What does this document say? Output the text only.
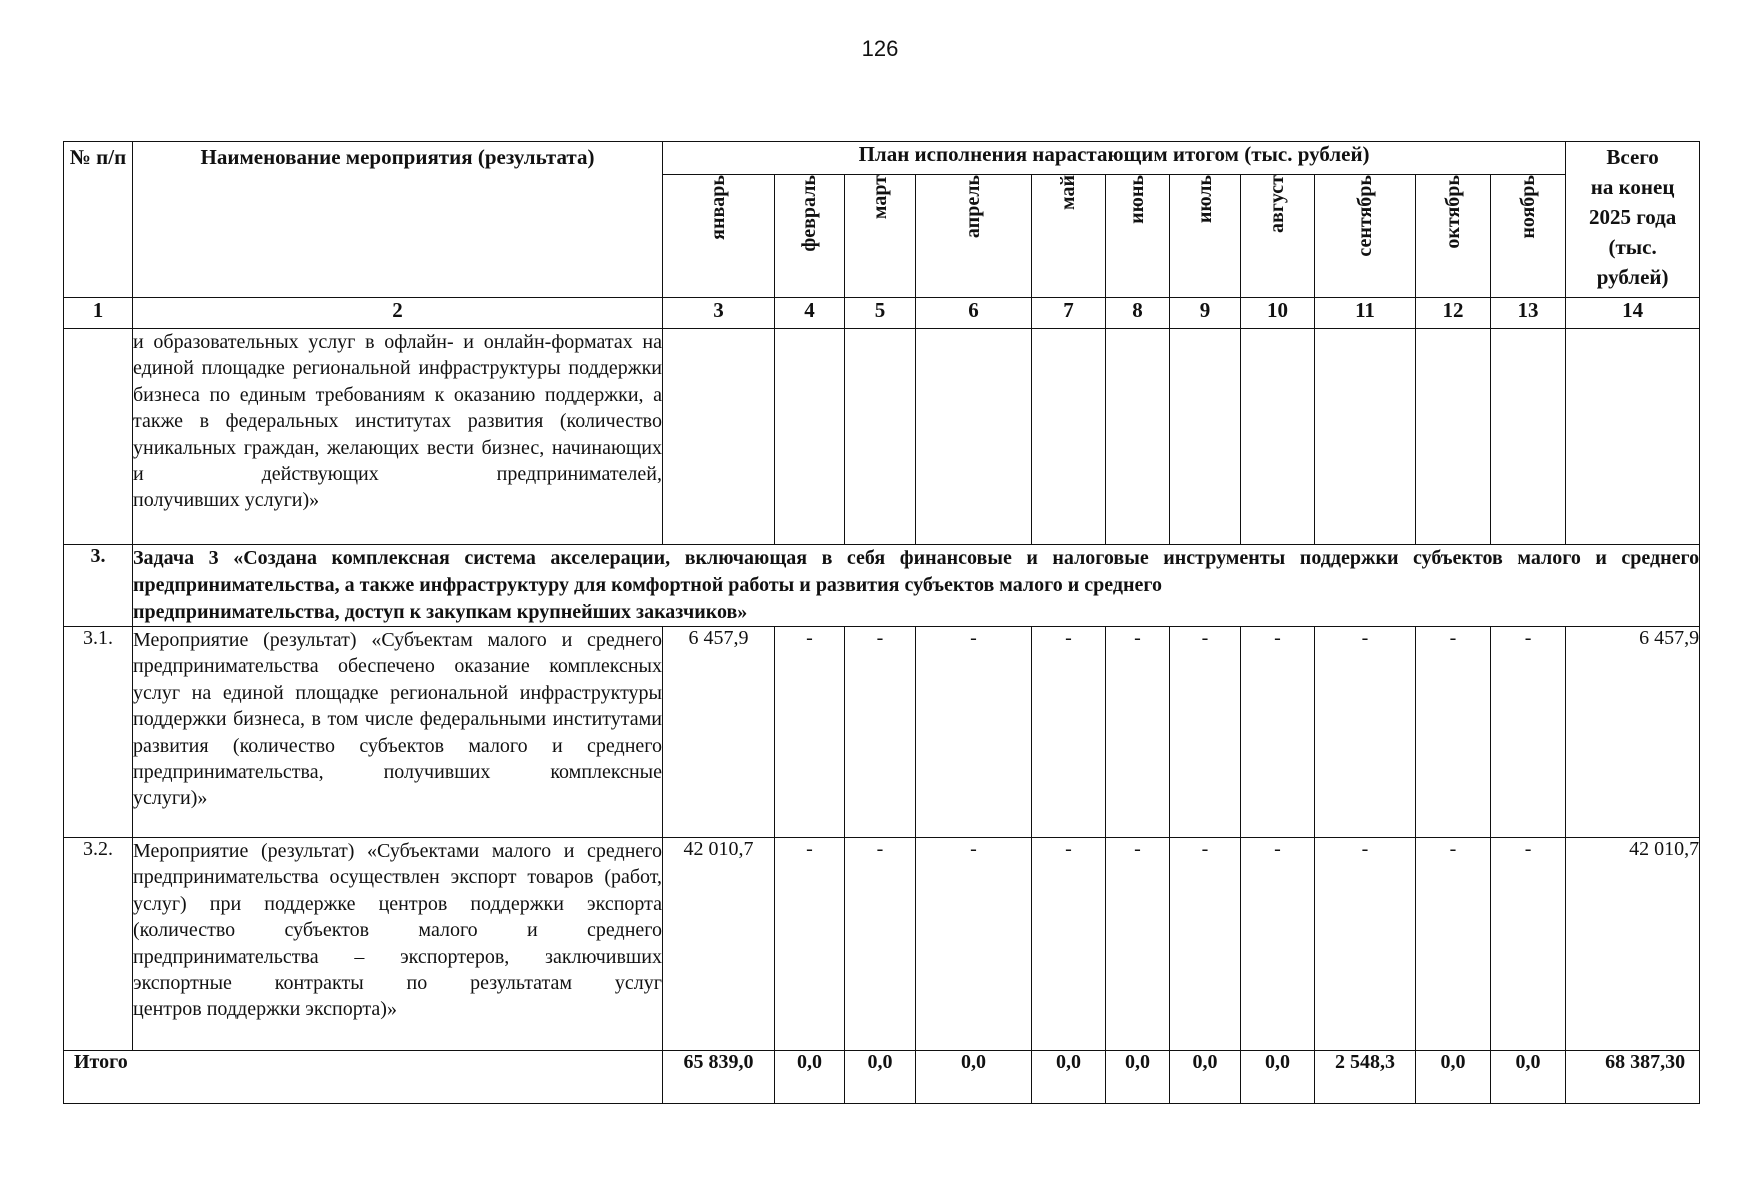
126
№ п/п	Наименование мероприятия (результата)	План исполнения нарастающим итогом (тыс. рублей)											Всего
на конец
2025 года
(тыс.
рублей)
		январь	февраль	март	апрель	май	июнь	июль	август	сентябрь	октябрь	ноябрь	
1	2	3	4	5	6	7	8	9	10	11	12	13	14
	и образовательных услуг в офлайн- и онлайн-форматах на единой площадке региональной инфраструктуры поддержки бизнеса по единым требованиям к оказанию поддержки, а также в федеральных институтах развития (количество уникальных граждан, желающих вести бизнес, начинающих и действующих предпринимателей,
получивших услуги)»												

3.	Задача 3 «Создана комплексная система акселерации, включающая в себя финансовые и налоговые инструменты поддержки субъектов малого и среднего предпринимательства, а также инфраструктуру для комфортной работы и развития субъектов малого и среднего
предпринимательства, доступ к закупкам крупнейших заказчиков»												

3.1.	Мероприятие (результат) «Субъектам малого и среднего предпринимательства обеспечено оказание комплексных услуг на единой площадке региональной инфраструктуры поддержки бизнеса, в том числе федеральными институтами развития (количество субъектов малого и среднего предпринимательства, получивших комплексные
услуги)»	6 457,9	-	-	-	-	-	-	-	-	-	-	6 457,9
3.2.	Мероприятие (результат) «Субъектами малого и среднего предпринимательства осуществлен экспорт товаров (работ, услуг) при поддержке центров поддержки экспорта (количество субъектов малого и среднего предпринимательства – экспортеров, заключивших экспортные контракты по результатам услуг
центров поддержки экспорта)»	42 010,7	-	-	-	-	-	-	-	-	-	-	42 010,7
Итого		65 839,0	0,0	0,0	0,0	0,0	0,0	0,0	0,0	2 548,3	0,0	0,0	68 387,30
